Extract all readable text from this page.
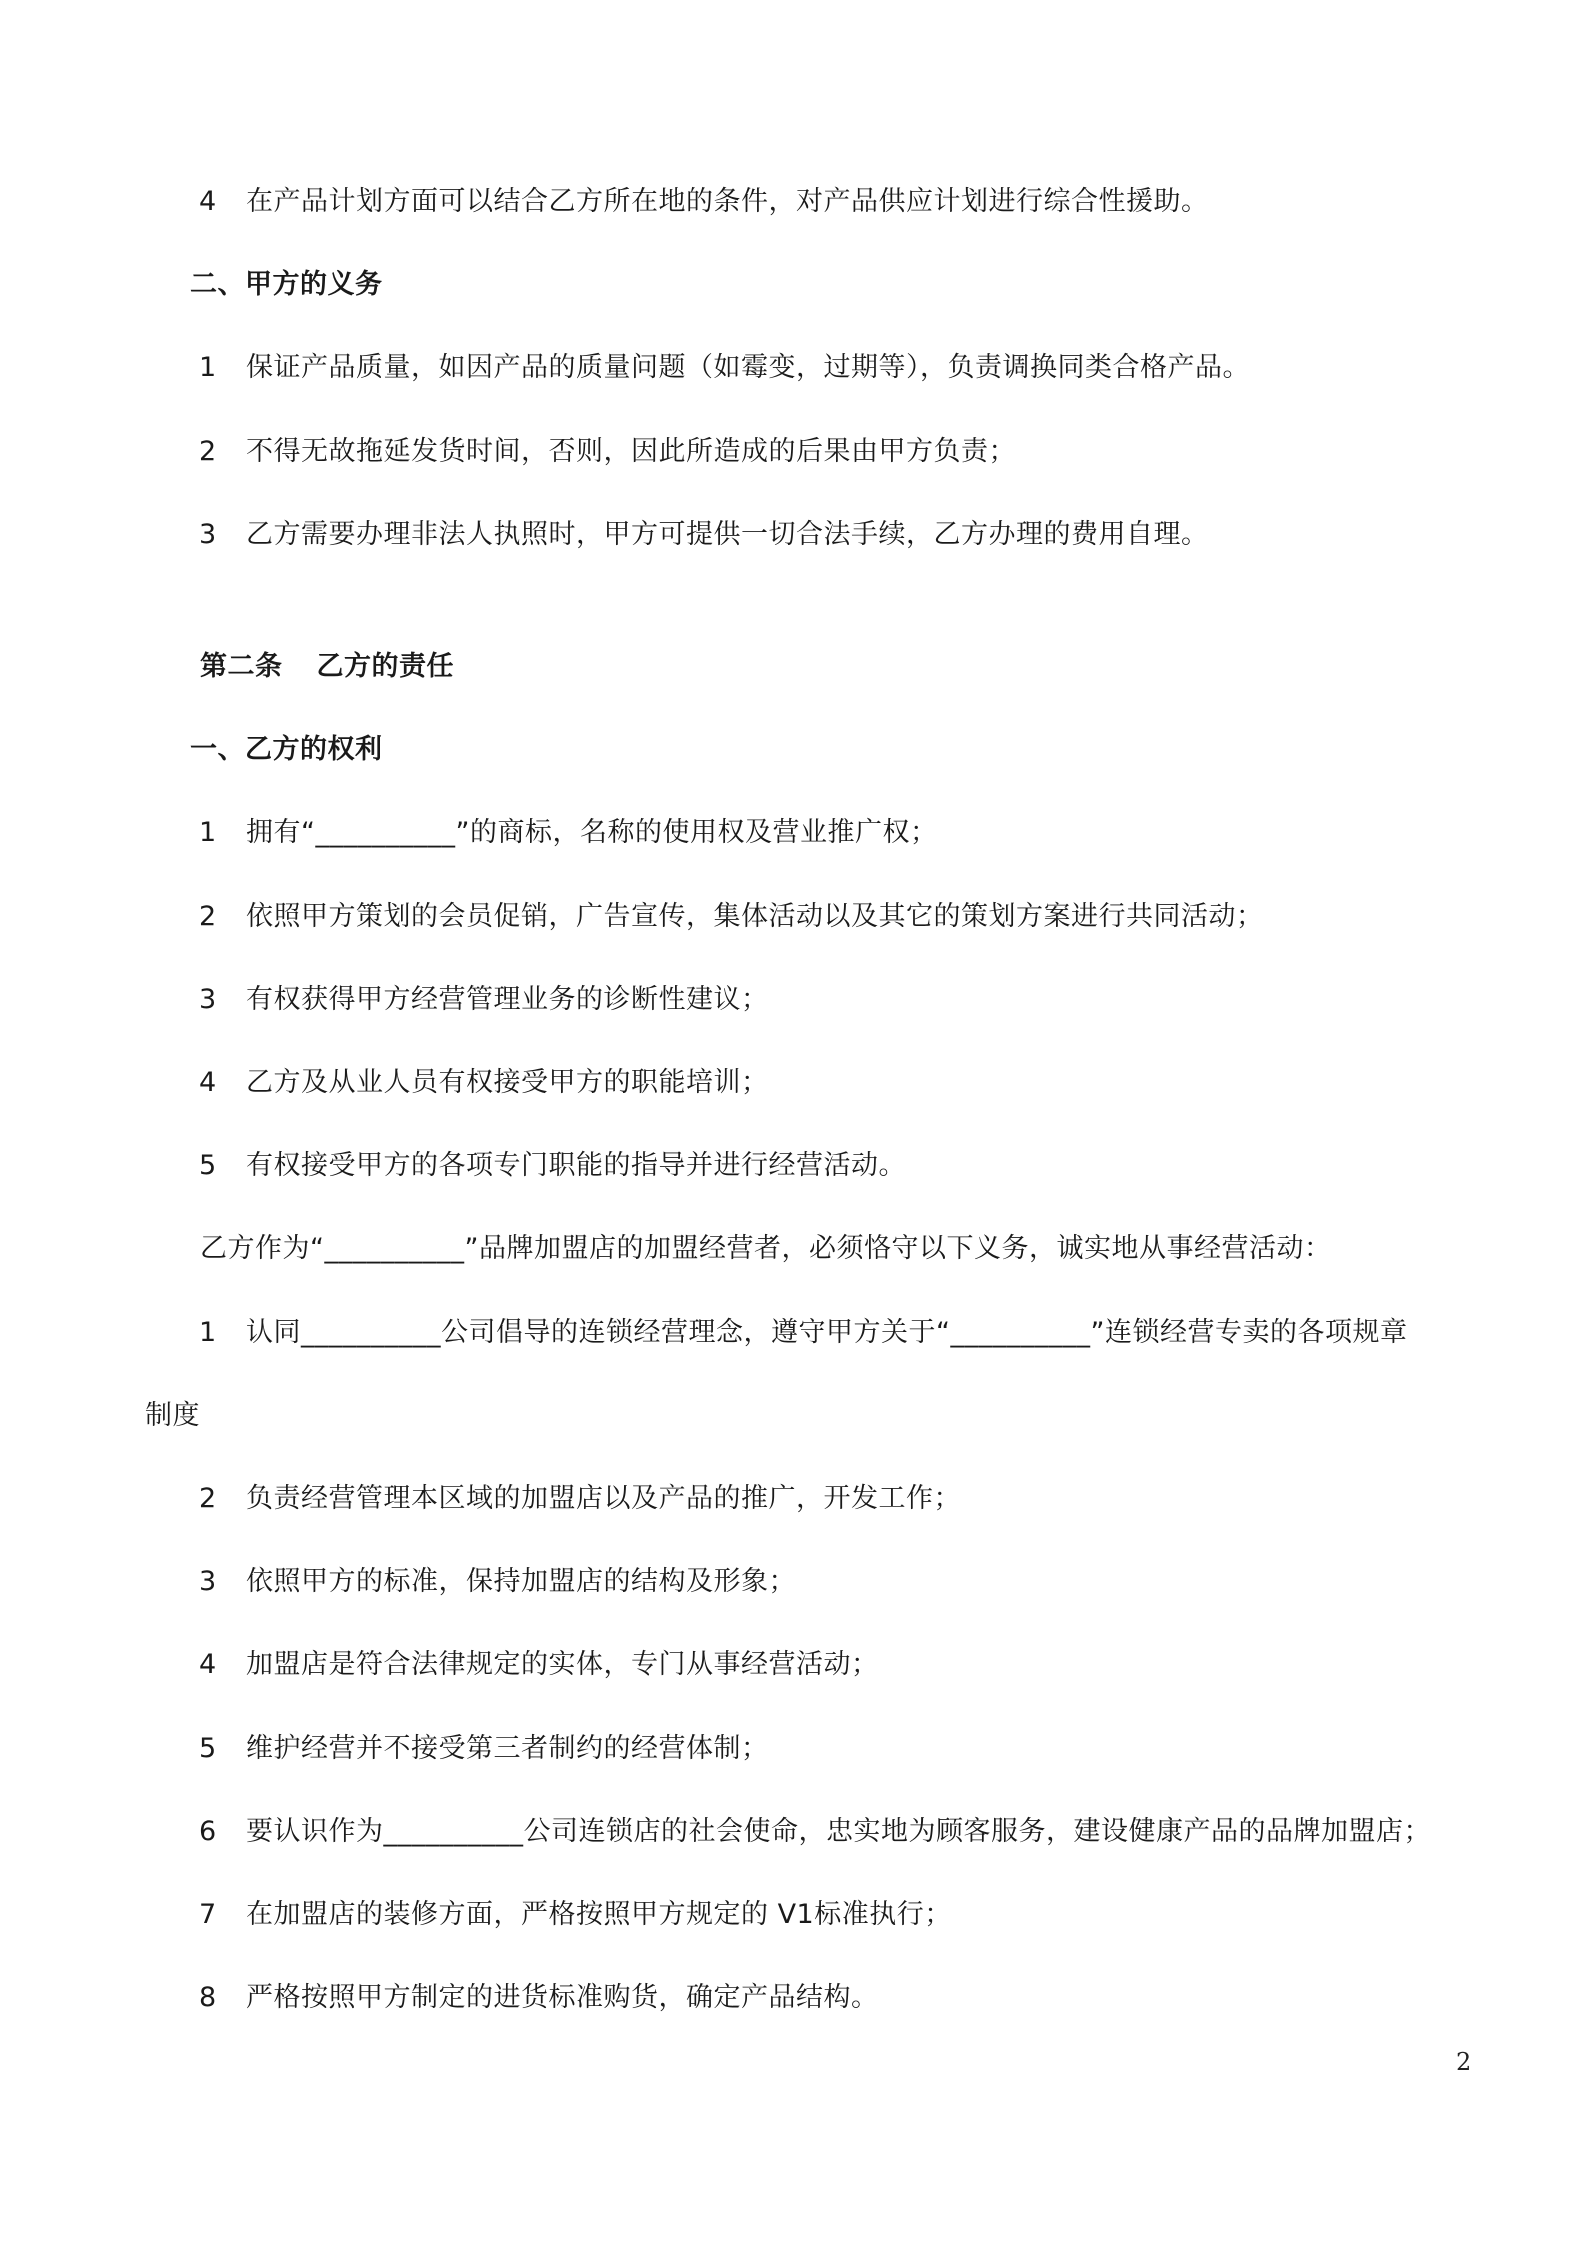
4 在产品计划方面可以结合乙方所在地的条件，对产品供应计划进行综合性援助。
二、甲方的义务
1 保证产品质量，如因产品的质量问题（如霉变，过期等），负责调换同类合格产品。
2 不得无故拖延发货时间，否则，因此所造成的后果由甲方负责；
3 乙方需要办理非法人执照时，甲方可提供一切合法手续，乙方办理的费用自理。
第二条 乙方的责任
一、乙方的权利
1 拥有“__________”的商标，名称的使用权及营业推广权；
2 依照甲方策划的会员促销，广告宣传，集体活动以及其它的策划方案进行共同活动；
3 有权获得甲方经营管理业务的诊断性建议；
4 乙方及从业人员有权接受甲方的职能培训；
5 有权接受甲方的各项专门职能的指导并进行经营活动。
乙方作为“__________”品牌加盟店的加盟经营者，必须恪守以下义务，诚实地从事经营活动：
1 认同__________公司倡导的连锁经营理念，遵守甲方关于“__________”连锁经营专卖的各项规章
制度
2 负责经营管理本区域的加盟店以及产品的推广，开发工作；
3 依照甲方的标准，保持加盟店的结构及形象；
4 加盟店是符合法律规定的实体，专门从事经营活动；
5 维护经营并不接受第三者制约的经营体制；
6 要认识作为__________公司连锁店的社会使命，忠实地为顾客服务，建设健康产品的品牌加盟店；
7 在加盟店的装修方面，严格按照甲方规定的 V1标准执行；
8 严格按照甲方制定的进货标准购货，确定产品结构。
2
